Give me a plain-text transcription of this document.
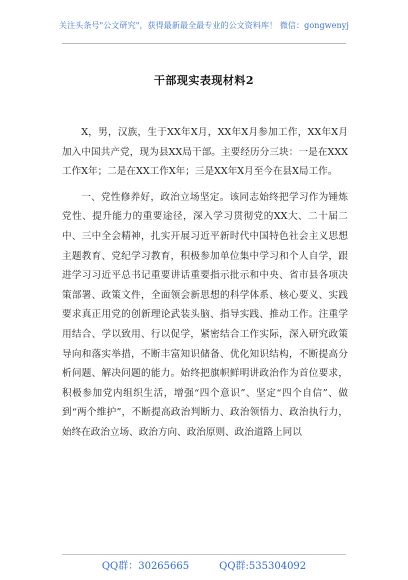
关注头条号"公文研究"，获得最新最全最专业的公文资料库！ 微信：gongwenyj
干部现实表现材料2

X，男，汉族，生于XX年X月，XX年X月参加工作，XX年X月加入中国共产党，现为县XX局干部。主要经历分三块：一是在XXX工作X年；二是在XX工作X年；三是XX年X月至今在县X局工作。

一、党性修养好，政治立场坚定。该同志始终把学习作为锤炼党性、提升能力的重要途径，深入学习贯彻党的XX大、二十届二中、三中全会精神，扎实开展习近平新时代中国特色社会主义思想主题教育、党纪学习教育，积极参加单位集中学习和个人自学，跟进学习习近平总书记重要讲话重要指示批示和中央、省市县各项决策部署、政策文件，全面领会新思想的科学体系、核心要义、实践要求真正用党的创新理论武装头脑、指导实践、推动工作。注重学用结合、学以致用、行以促学，紧密结合工作实际，深入研究政策导向和落实举措，不断丰富知识储备、优化知识结构，不断提高分析问题、解决问题的能力。始终把旗帜鲜明讲政治作为首位要求，积极参加党内组织生活，增强“四个意识”、坚定“四个自信”、做到“两个维护”，不断提高政治判断力、政治领悟力、政治执行力，始终在政治立场、政治方向、政治原则、政治道路上同以

QQ群：30265665	QQ群:535304092
